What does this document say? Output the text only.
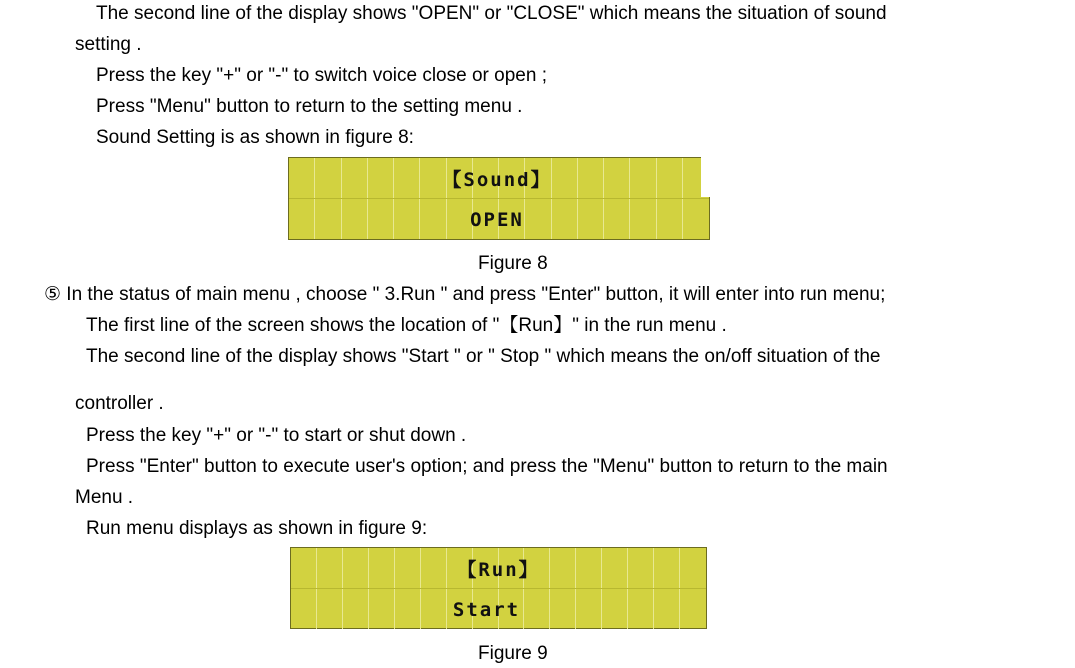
The second line of the display shows "OPEN" or "CLOSE" which means the situation of sound
setting .
Press the key "+" or "-" to switch voice close or open ;
Press "Menu" button to return to the setting menu .
Sound Setting is as shown in figure 8:
【Sound】
OPEN
Figure 8
⑤ In the status of main menu , choose " 3.Run " and press "Enter" button, it will enter into run menu;
The first line of the screen shows the location of "【Run】" in the run menu .
The second line of the display shows "Start " or " Stop " which means the on/off situation of the
controller .
Press the key "+" or "-" to start or shut down .
Press "Enter" button to execute user's option; and press the "Menu" button to return to the main
Menu .
Run menu displays as shown in figure 9:
【Run】
Start
Figure 9
